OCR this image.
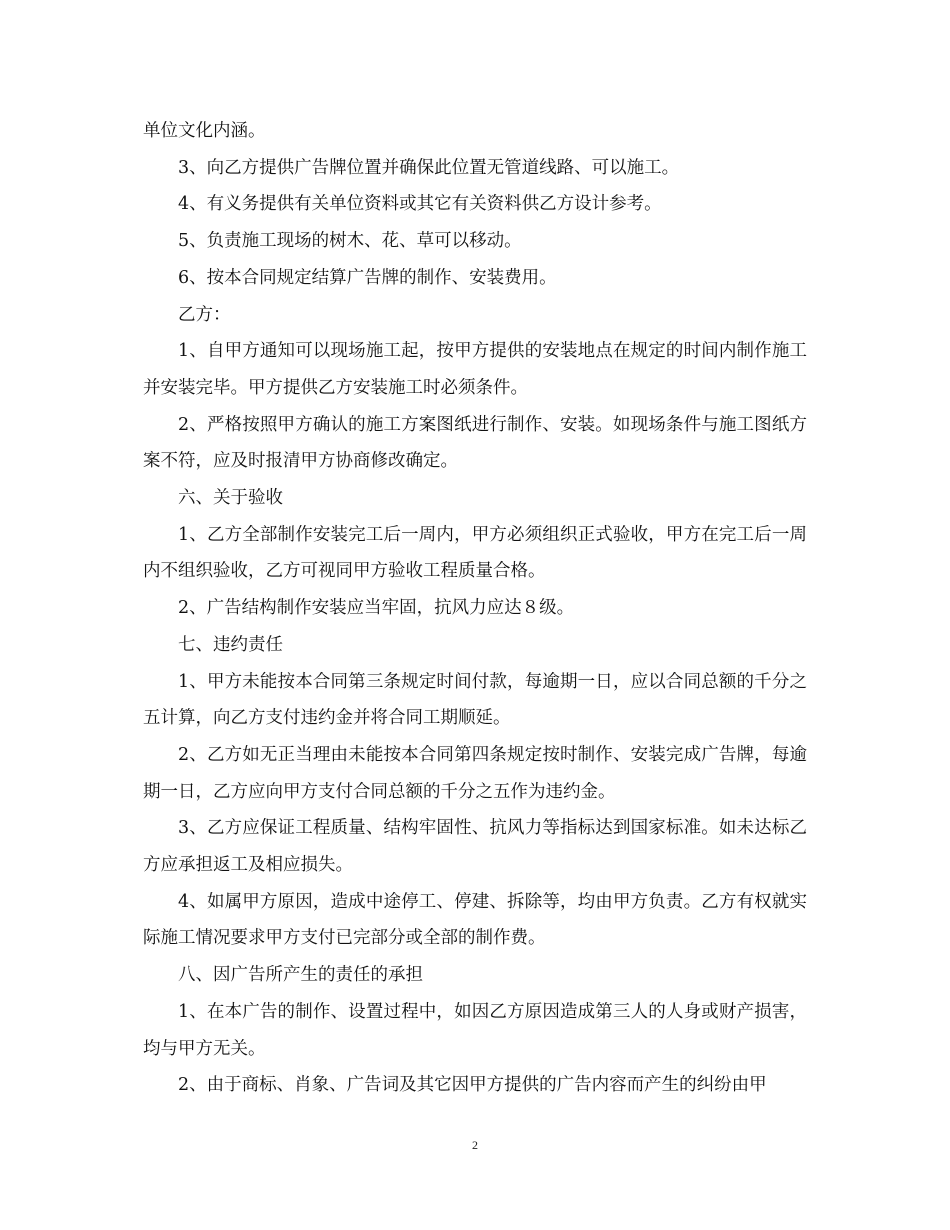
单位文化内涵。

3、向乙方提供广告牌位置并确保此位置无管道线路、可以施工。

4、有义务提供有关单位资料或其它有关资料供乙方设计参考。

5、负责施工现场的树木、花、草可以移动。

6、按本合同规定结算广告牌的制作、安装费用。

乙方：

1、自甲方通知可以现场施工起，按甲方提供的安装地点在规定的时间内制作施工并安装完毕。甲方提供乙方安装施工时必须条件。

2、严格按照甲方确认的施工方案图纸进行制作、安装。如现场条件与施工图纸方案不符，应及时报清甲方协商修改确定。

六、关于验收

1、乙方全部制作安装完工后一周内，甲方必须组织正式验收，甲方在完工后一周内不组织验收，乙方可视同甲方验收工程质量合格。

2、广告结构制作安装应当牢固，抗风力应达８级。

七、违约责任

1、甲方未能按本合同第三条规定时间付款，每逾期一日，应以合同总额的千分之五计算，向乙方支付违约金并将合同工期顺延。

2、乙方如无正当理由未能按本合同第四条规定按时制作、安装完成广告牌，每逾期一日，乙方应向甲方支付合同总额的千分之五作为违约金。

3、乙方应保证工程质量、结构牢固性、抗风力等指标达到国家标准。如未达标乙方应承担返工及相应损失。

4、如属甲方原因，造成中途停工、停建、拆除等，均由甲方负责。乙方有权就实际施工情况要求甲方支付已完部分或全部的制作费。

八、因广告所产生的责任的承担

1、在本广告的制作、设置过程中，如因乙方原因造成第三人的人身或财产损害，均与甲方无关。

2、由于商标、肖象、广告词及其它因甲方提供的广告内容而产生的纠纷由甲

2
